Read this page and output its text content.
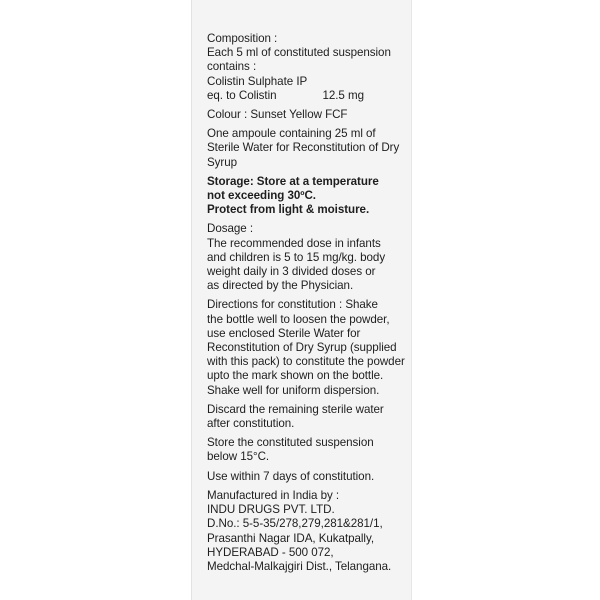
Composition :
Each 5 ml of constituted suspension
contains :
Colistin Sulphate IP
eq. to Colistin	12.5 mg
Colour : Sunset Yellow FCF
One ampoule containing 25 ml of
Sterile Water for Reconstitution of Dry
Syrup
Storage: Store at a temperature
not exceeding 30ºC.
Protect from light & moisture.
Dosage :
The recommended dose in infants
and children is 5 to 15 mg/kg. body
weight daily in 3 divided doses or
as directed by the Physician.
Directions for constitution : Shake
the bottle well to loosen the powder,
use enclosed Sterile Water for
Reconstitution of Dry Syrup (supplied
with this pack) to constitute the powder
upto the mark shown on the bottle.
Shake well for uniform dispersion.
Discard the remaining sterile water
after constitution.
Store the constituted suspension
below 15°C.
Use within 7 days of constitution.
Manufactured in India by :
INDU DRUGS PVT. LTD.
D.No.: 5-5-35/278,279,281&281/1,
Prasanthi Nagar IDA, Kukatpally,
HYDERABAD - 500 072,
Medchal-Malkajgiri Dist., Telangana.
